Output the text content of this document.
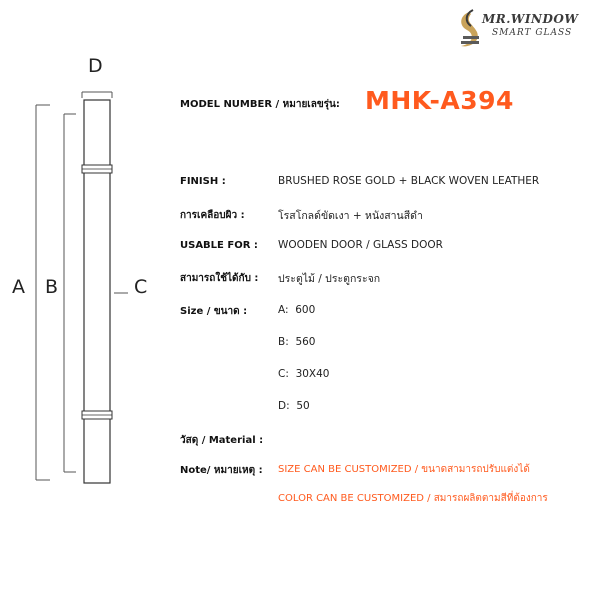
MR.WINDOW
SMART GLASS
A B	C
D
MODEL NUMBER / หมายเลขรุ่น: MHK-A394
FINISH :	BRUSHED ROSE GOLD + BLACK WOVEN LEATHER
การเคลือบผิว :	โรสโกลด์ขัดเงา + หนังสานสีดำ
USABLE FOR : WOODEN DOOR / GLASS DOOR
สามารถใช้ได้กับ : ประตูไม้ / ประตูกระจก
Size / ขนาด :	A: 600
B: 560
C: 30X40
D: 50
วัสดุ / Material :
Note/ หมายเหตุ : SIZE CAN BE CUSTOMIZED / ขนาดสามารถปรับแต่งได้
COLOR CAN BE CUSTOMIZED / สมารถผลิตตามสีที่ต้องการ
